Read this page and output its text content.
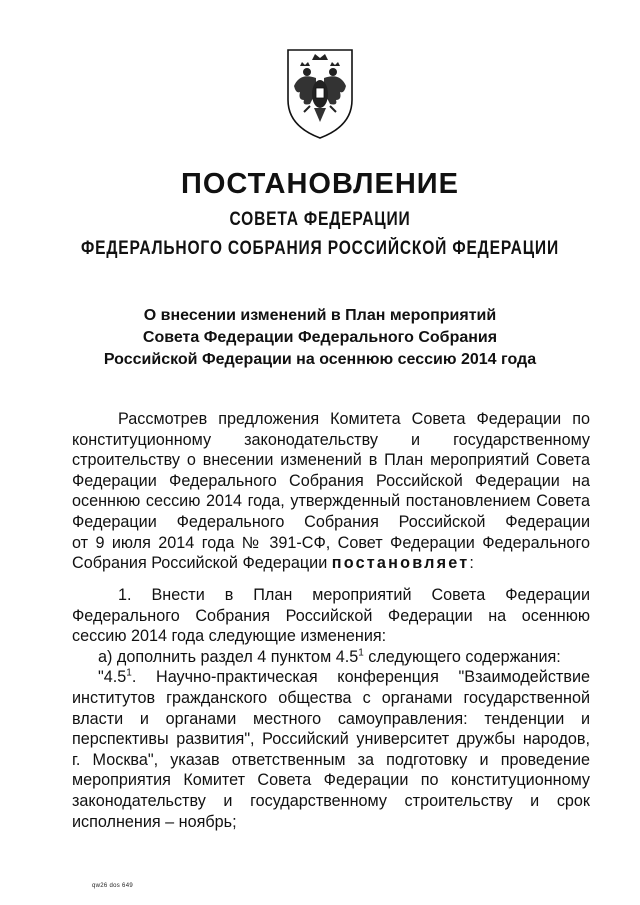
ПОСТАНОВЛЕНИЕ
СОВЕТА ФЕДЕРАЦИИ
ФЕДЕРАЛЬНОГО СОБРАНИЯ РОССИЙСКОЙ ФЕДЕРАЦИИ
О внесении изменений в План мероприятий
Совета Федерации Федерального Собрания
Российской Федерации на осеннюю сессию 2014 года
Рассмотрев предложения Комитета Совета Федерации по
конституционному законодательству и государственному
строительству о внесении изменений в План мероприятий Совета
Федерации Федерального Собрания Российской Федерации на
осеннюю сессию 2014 года, утвержденный постановлением Совета
Федерации Федерального Собрания Российской Федерации
от 9 июля 2014 года № 391-СФ, Совет Федерации Федерального
Собрания Российской Федерации постановляет:
1. Внести в План мероприятий Совета Федерации
Федерального Собрания Российской Федерации на осеннюю
сессию 2014 года следующие изменения:
а) дополнить раздел 4 пунктом $4.5^1$ следующего содержания:
"$4.5^1$. Научно-практическая конференция "Взаимодействие
институтов гражданского общества с органами государственной
власти и органами местного самоуправления: тенденции и
перспективы развития", Российский университет дружбы народов,
г. Москва", указав ответственным за подготовку и проведение
мероприятия Комитет Совета Федерации по конституционному
законодательству и государственному строительству и срок
исполнения – ноябрь;
qw26 dos 649
